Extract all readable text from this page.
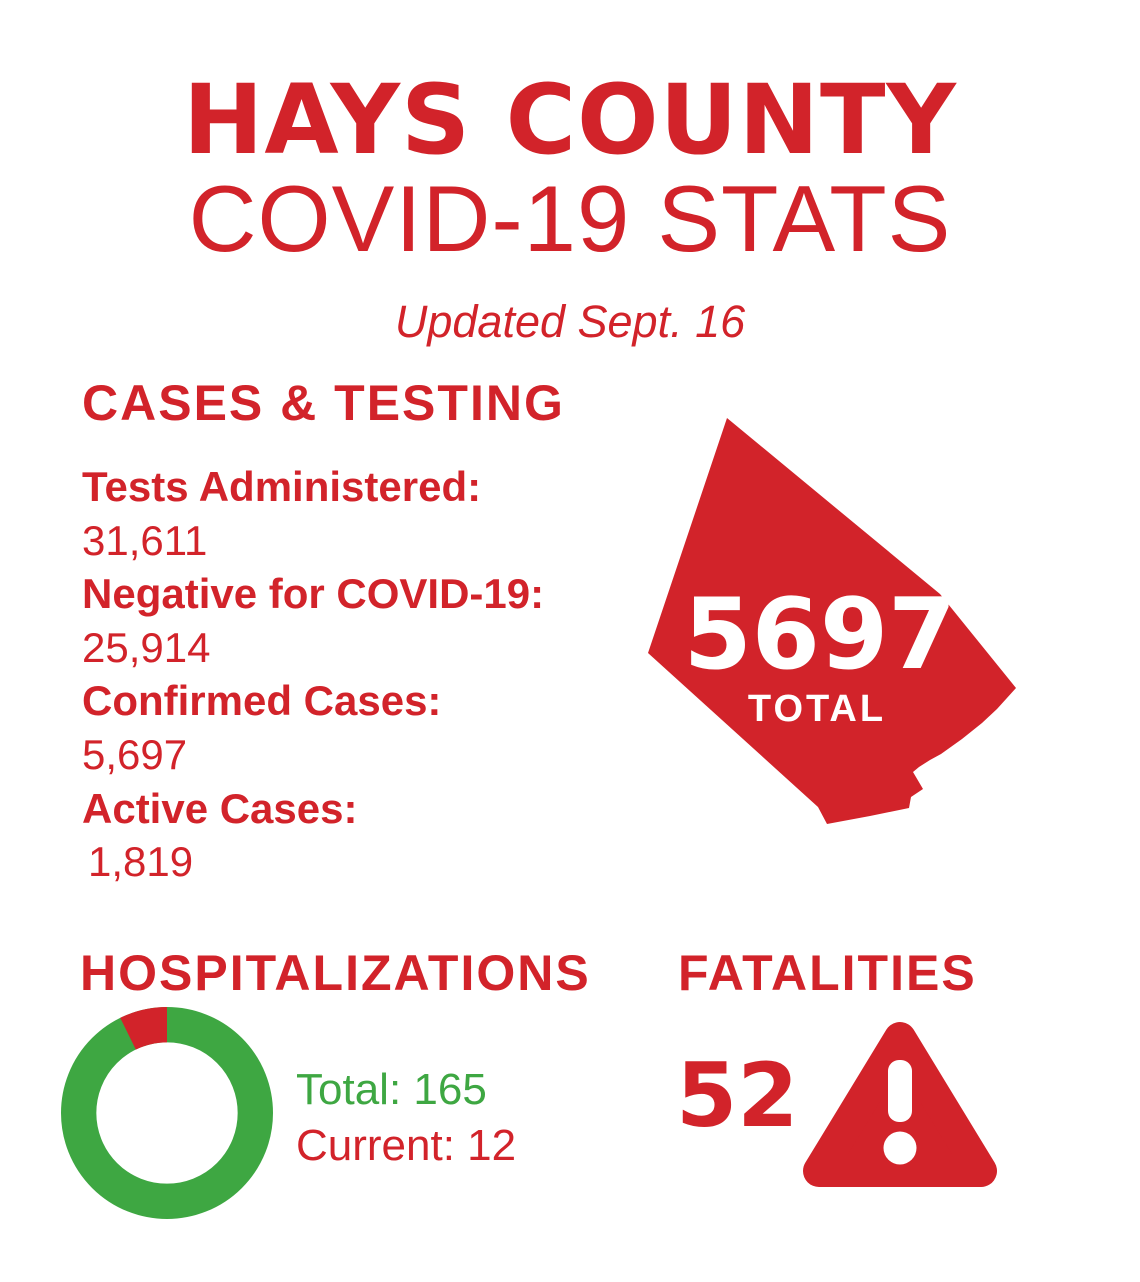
HAYS COUNTY
COVID-19 STATS
Updated Sept. 16
CASES & TESTING
Tests Administered:
31,611
Negative for COVID-19:
25,914
Confirmed Cases:
5,697
Active Cases:
1,819
5697
TOTAL
HOSPITALIZATIONS
Total: 165
Current: 12
FATALITIES
52
